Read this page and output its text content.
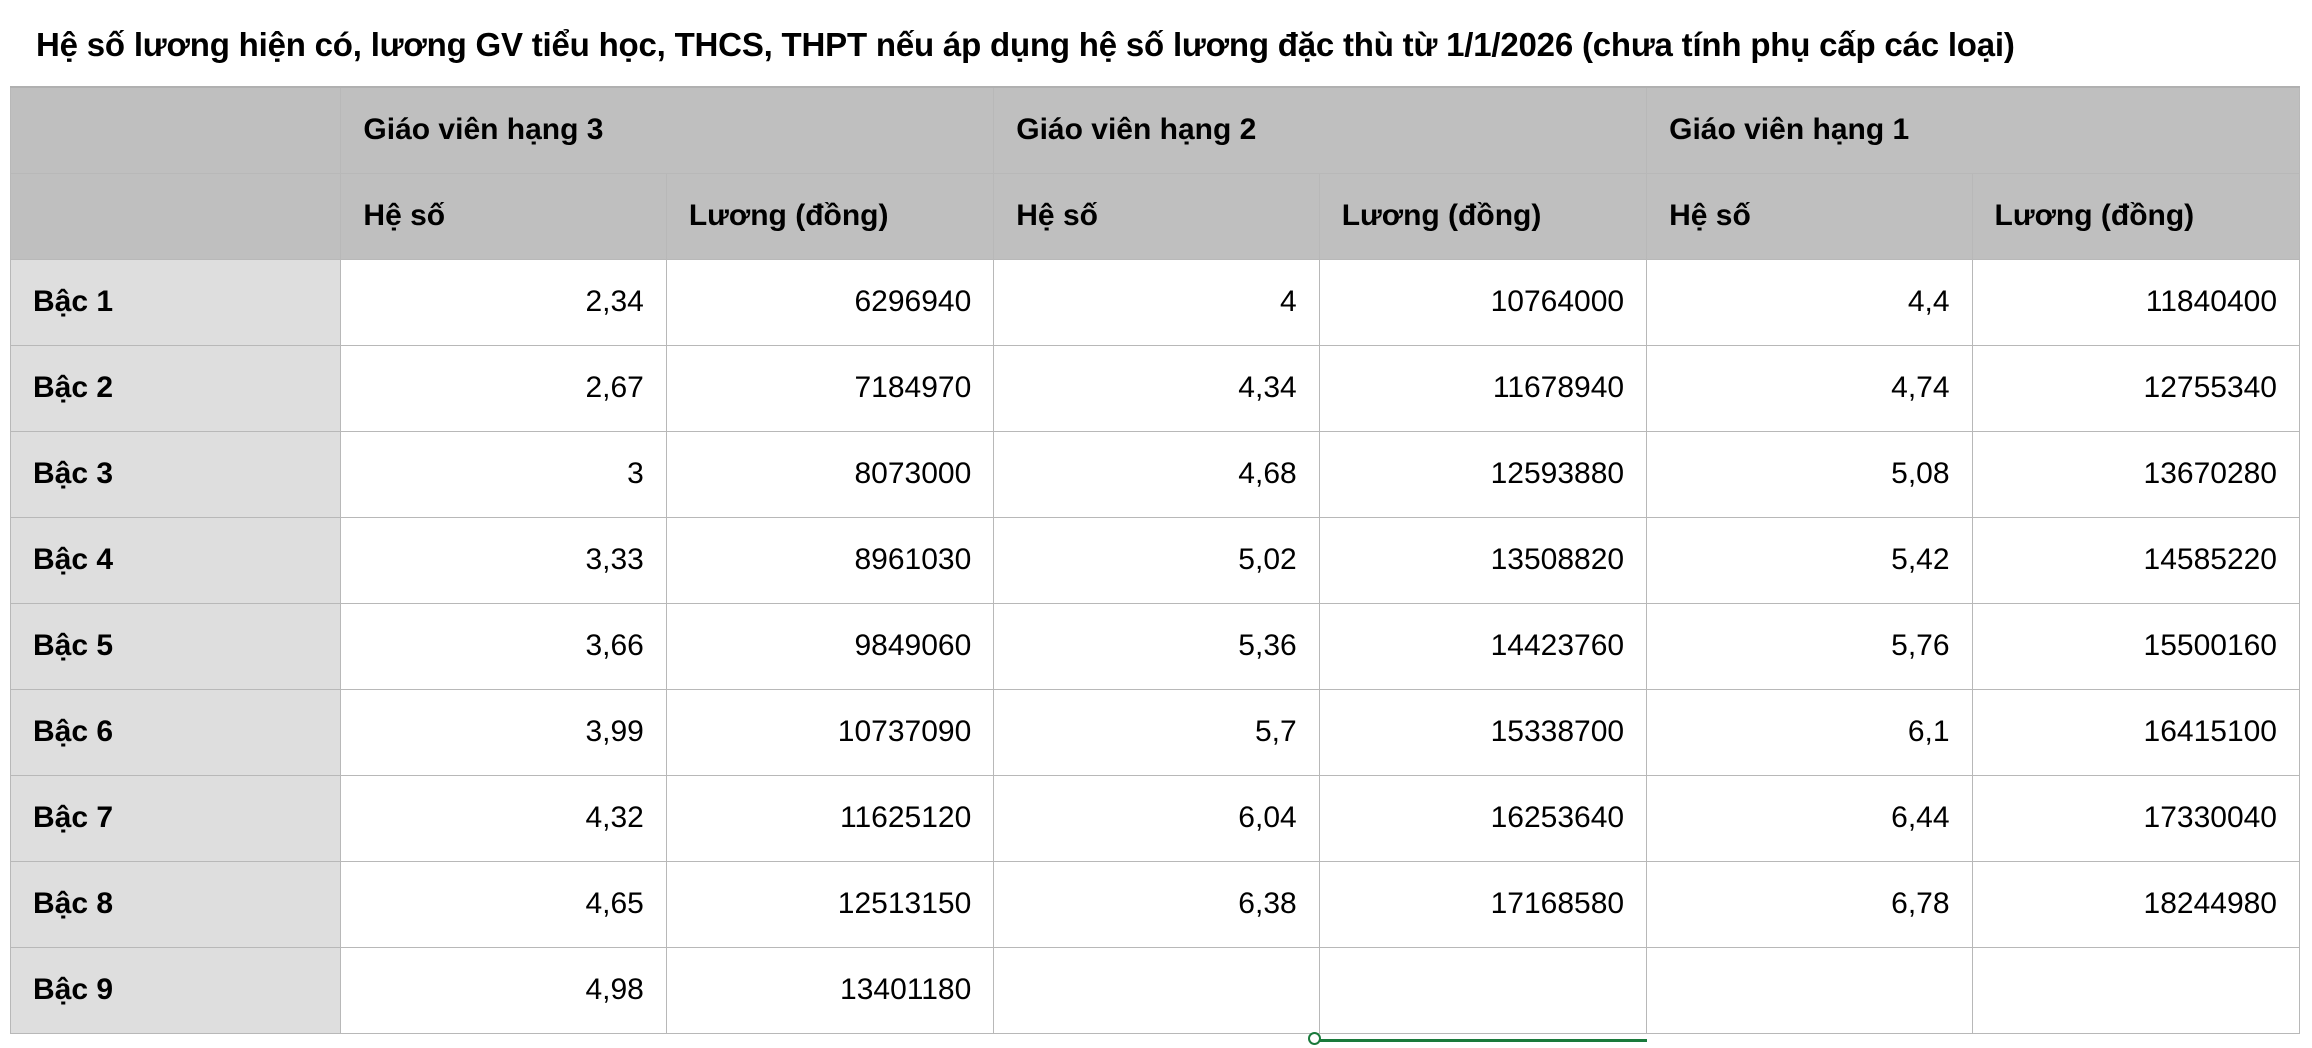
Hệ số lương hiện có, lương GV tiểu học, THCS, THPT nếu áp dụng hệ số lương đặc thù từ 1/1/2026 (chưa tính phụ cấp các loại)
	Giáo viên hạng 3		Giáo viên hạng 2		Giáo viên hạng 1	
	Hệ số	Lương (đồng)	Hệ số	Lương (đồng)	Hệ số	Lương (đồng)
Bậc 1	2,34	6296940	4	10764000	4,4	11840400
Bậc 2	2,67	7184970	4,34	11678940	4,74	12755340
Bậc 3	3	8073000	4,68	12593880	5,08	13670280
Bậc 4	3,33	8961030	5,02	13508820	5,42	14585220
Bậc 5	3,66	9849060	5,36	14423760	5,76	15500160
Bậc 6	3,99	10737090	5,7	15338700	6,1	16415100
Bậc 7	4,32	11625120	6,04	16253640	6,44	17330040
Bậc 8	4,65	12513150	6,38	17168580	6,78	18244980
Bậc 9	4,98	13401180				
